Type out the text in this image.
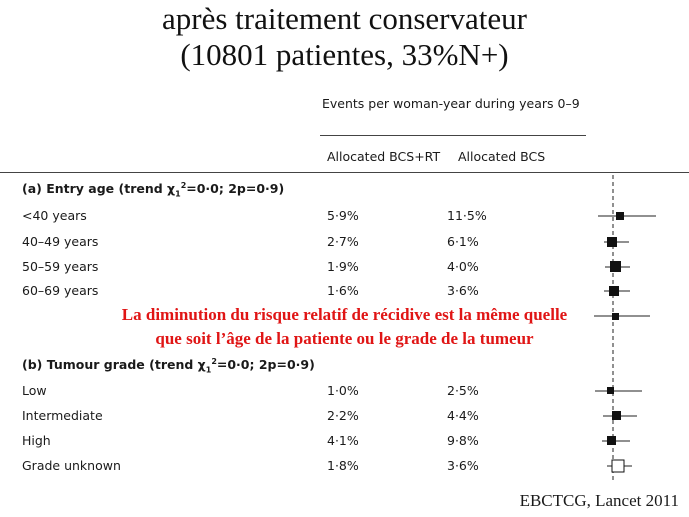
après traitement conservateur
(10801 patientes, 33%N+)
Events per woman-year during years 0–9
Allocated BCS+RT Allocated BCS
(a) Entry age (trend $\chi_1^2=0\cdot 0$; 2p=0·9)
<40 years	5·9%	11·5%
40–49 years	2·7%	6·1%
50–59 years	1·9%	4·0%
60–69 years	1·6%	3·6%
La diminution du risque relatif de récidive est la même quelle
que soit l’âge de la patiente ou le grade de la tumeur
(b) Tumour grade (trend $\chi_1^2=0\cdot 0$; 2p=0·9)
Low	1·0%	2·5%
Intermediate	2·2%	4·4%
High	4·1%	9·8%
Grade unknown	1·8%	3·6%
EBCTCG, Lancet 2011
